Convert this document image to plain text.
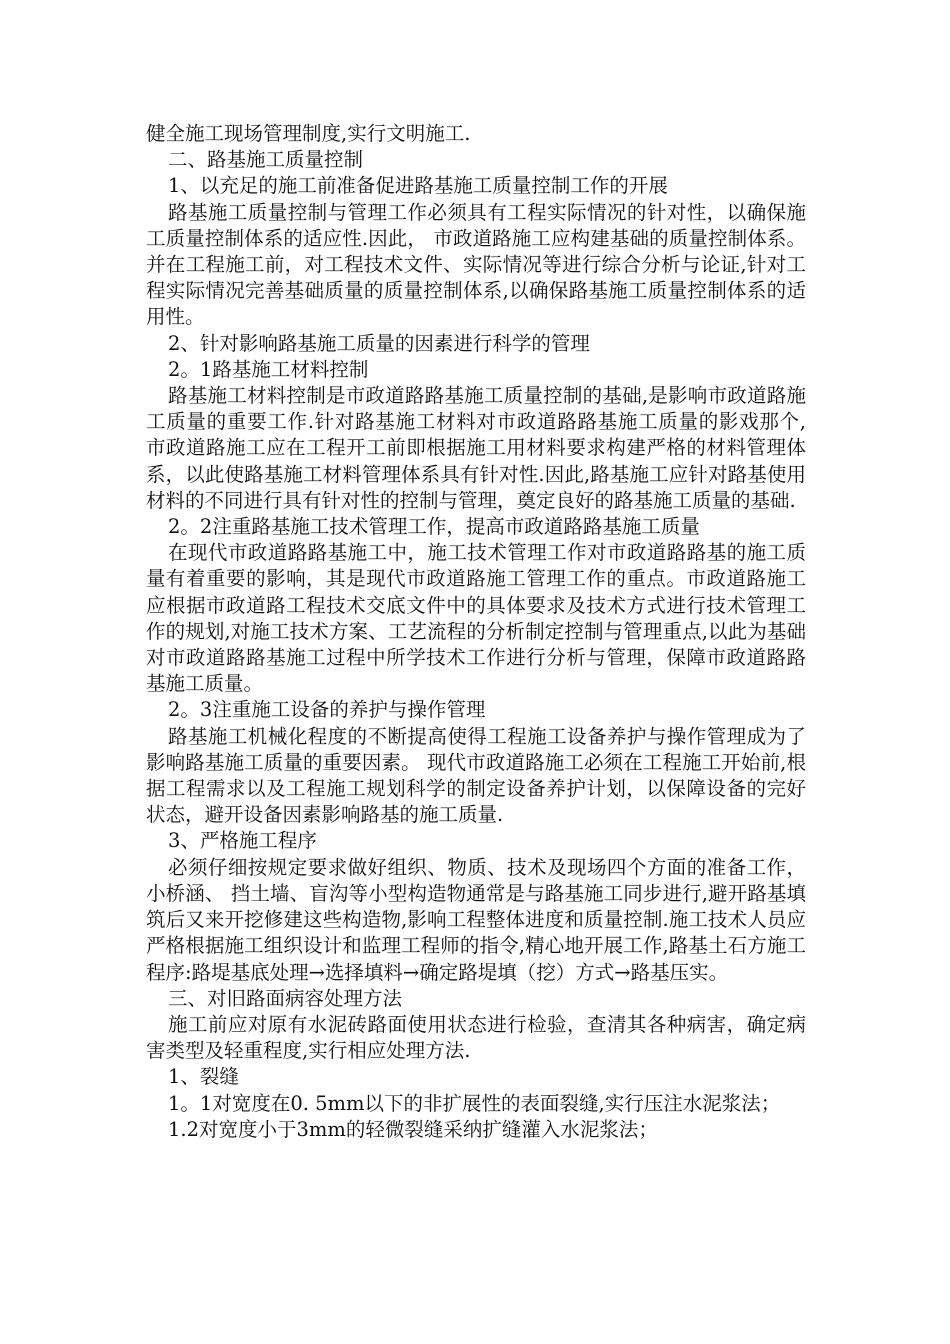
健全施工现场管理制度,实行文明施工.

二、路基施工质量控制

1、以充足的施工前准备促进路基施工质量控制工作的开展

路基施工质量控制与管理工作必须具有工程实际情况的针对性，以确保施工质量控制体系的适应性.因此， 市政道路施工应构建基础的质量控制体系。并在工程施工前，对工程技术文件、实际情况等进行综合分析与论证,针对工程实际情况完善基础质量的质量控制体系,以确保路基施工质量控制体系的适用性。

2、针对影响路基施工质量的因素进行科学的管理

2。1路基施工材料控制

路基施工材料控制是市政道路路基施工质量控制的基础,是影响市政道路施工质量的重要工作.针对路基施工材料对市政道路路基施工质量的影戏那个, 市政道路施工应在工程开工前即根据施工用材料要求构建严格的材料管理体系，以此使路基施工材料管理体系具有针对性.因此,路基施工应针对路基使用材料的不同进行具有针对性的控制与管理，奠定良好的路基施工质量的基础.

2。2注重路基施工技术管理工作，提高市政道路路基施工质量

在现代市政道路路基施工中，施工技术管理工作对市政道路路基的施工质量有着重要的影响，其是现代市政道路施工管理工作的重点。市政道路施工应根据市政道路工程技术交底文件中的具体要求及技术方式进行技术管理工作的规划,对施工技术方案、工艺流程的分析制定控制与管理重点,以此为基础对市政道路路基施工过程中所学技术工作进行分析与管理，保障市政道路路基施工质量。

2。3注重施工设备的养护与操作管理

路基施工机械化程度的不断提高使得工程施工设备养护与操作管理成为了影响路基施工质量的重要因素。 现代市政道路施工必须在工程施工开始前,根据工程需求以及工程施工规划科学的制定设备养护计划，以保障设备的完好状态，避开设备因素影响路基的施工质量.

3、严格施工程序

必须仔细按规定要求做好组织、物质、技术及现场四个方面的准备工作，小桥涵、 挡土墙、盲沟等小型构造物通常是与路基施工同步进行,避开路基填筑后又来开挖修建这些构造物,影响工程整体进度和质量控制.施工技术人员应严格根据施工组织设计和监理工程师的指令,精心地开展工作,路基土石方施工程序:路堤基底处理→选择填料→确定路堤填（挖）方式→路基压实。

三、对旧路面病容处理方法

施工前应对原有水泥砖路面使用状态进行检验，查清其各种病害，确定病害类型及轻重程度,实行相应处理方法.

1、裂缝

1。1对宽度在0. 5mm以下的非扩展性的表面裂缝,实行压注水泥浆法；

1.2对宽度小于3mm的轻微裂缝采纳扩缝灌入水泥浆法；
